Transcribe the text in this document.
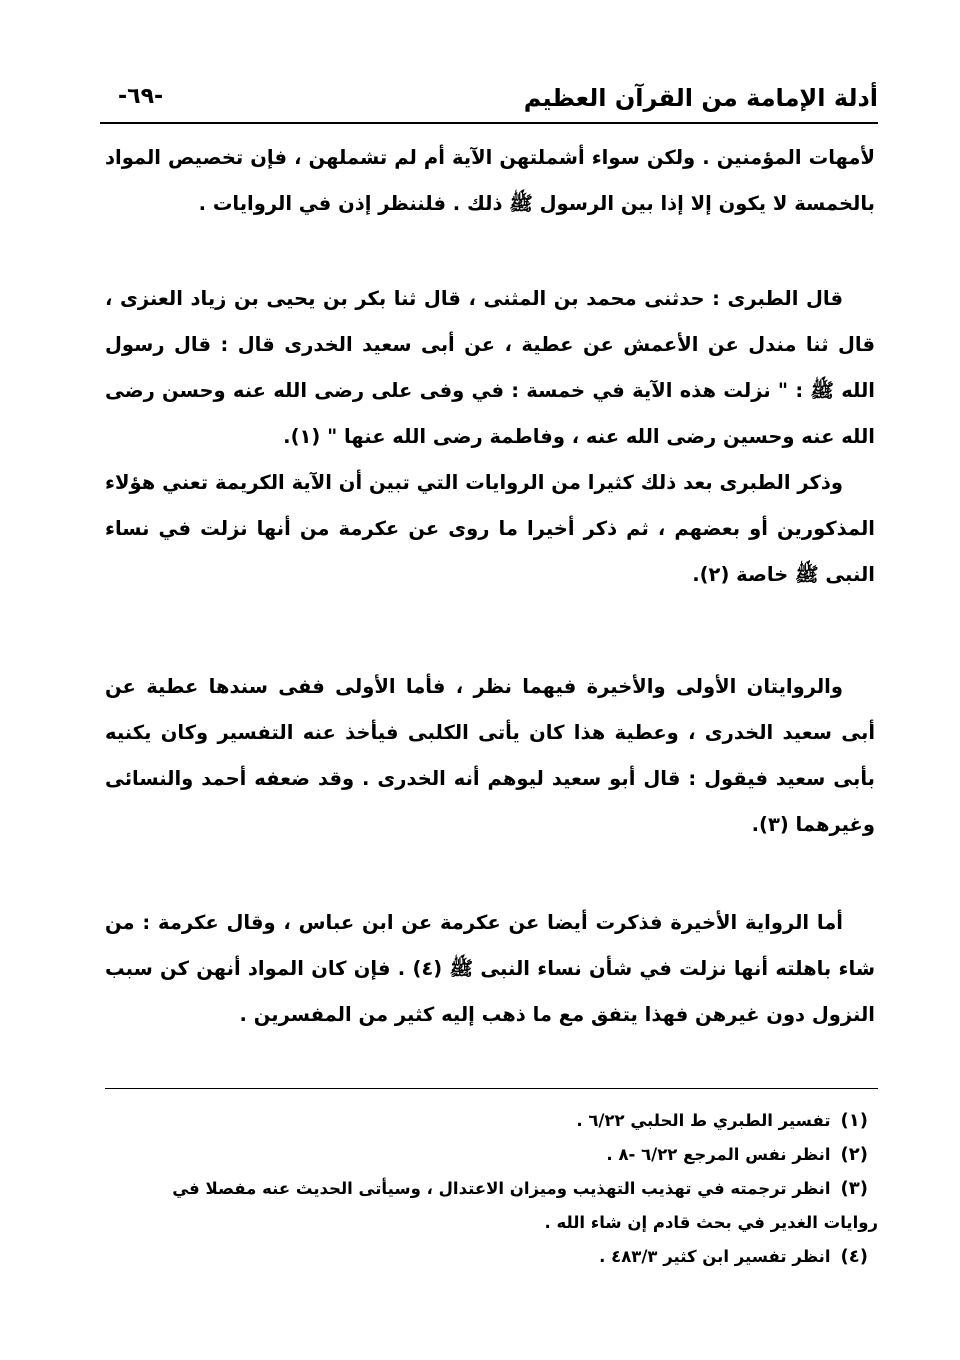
أدلة الإمامة من القرآن العظيم
-٦٩-

لأمهات المؤمنين . ولكن سواء أشملتهن الآية أم لم تشملهن ، فإن تخصيص المواد بالخمسة لا يكون إلا إذا بين الرسول ﷺ ذلك . فلننظر إذن في الروايات .

قال الطبرى : حدثنى محمد بن المثنى ، قال ثنا بكر بن يحيى بن زياد العنزى ، قال ثنا مندل عن الأعمش عن عطية ، عن أبى سعيد الخدرى قال : قال رسول الله ﷺ : " نزلت هذه الآية في خمسة : في وفى على رضى الله عنه وحسن رضى الله عنه وحسين رضى الله عنه ، وفاطمة رضى الله عنها " (١).

وذكر الطبرى بعد ذلك كثيرا من الروايات التي تبين أن الآية الكريمة تعني هؤلاء المذكورين أو بعضهم ، ثم ذكر أخيرا ما روى عن عكرمة من أنها نزلت في نساء النبى ﷺ خاصة (٢).

والروايتان الأولى والأخيرة فيهما نظر ، فأما الأولى ففى سندها عطية عن أبى سعيد الخدرى ، وعطية هذا كان يأتى الكلبى فيأخذ عنه التفسير وكان يكنيه بأبى سعيد فيقول : قال أبو سعيد ليوهم أنه الخدرى . وقد ضعفه أحمد والنسائى وغيرهما (٣).

أما الرواية الأخيرة فذكرت أيضا عن عكرمة عن ابن عباس ، وقال عكرمة : من شاء باهلته أنها نزلت في شأن نساء النبى ﷺ (٤) . فإن كان المواد أنهن كن سبب النزول دون غيرهن فهذا يتفق مع ما ذهب إليه كثير من المفسرين .

(١)تفسير الطبري ط الحلبي ٦/٢٢ .
(٢)انظر نفس المرجع ٦/٢٢ -٨ .
(٣)انظر ترجمته في تهذيب التهذيب وميزان الاعتدال ، وسيأتى الحديث عنه مفصلا في
روايات الغدير في بحث قادم إن شاء الله .
(٤)انظر تفسير ابن كثير ٤٨٣/٣ .
